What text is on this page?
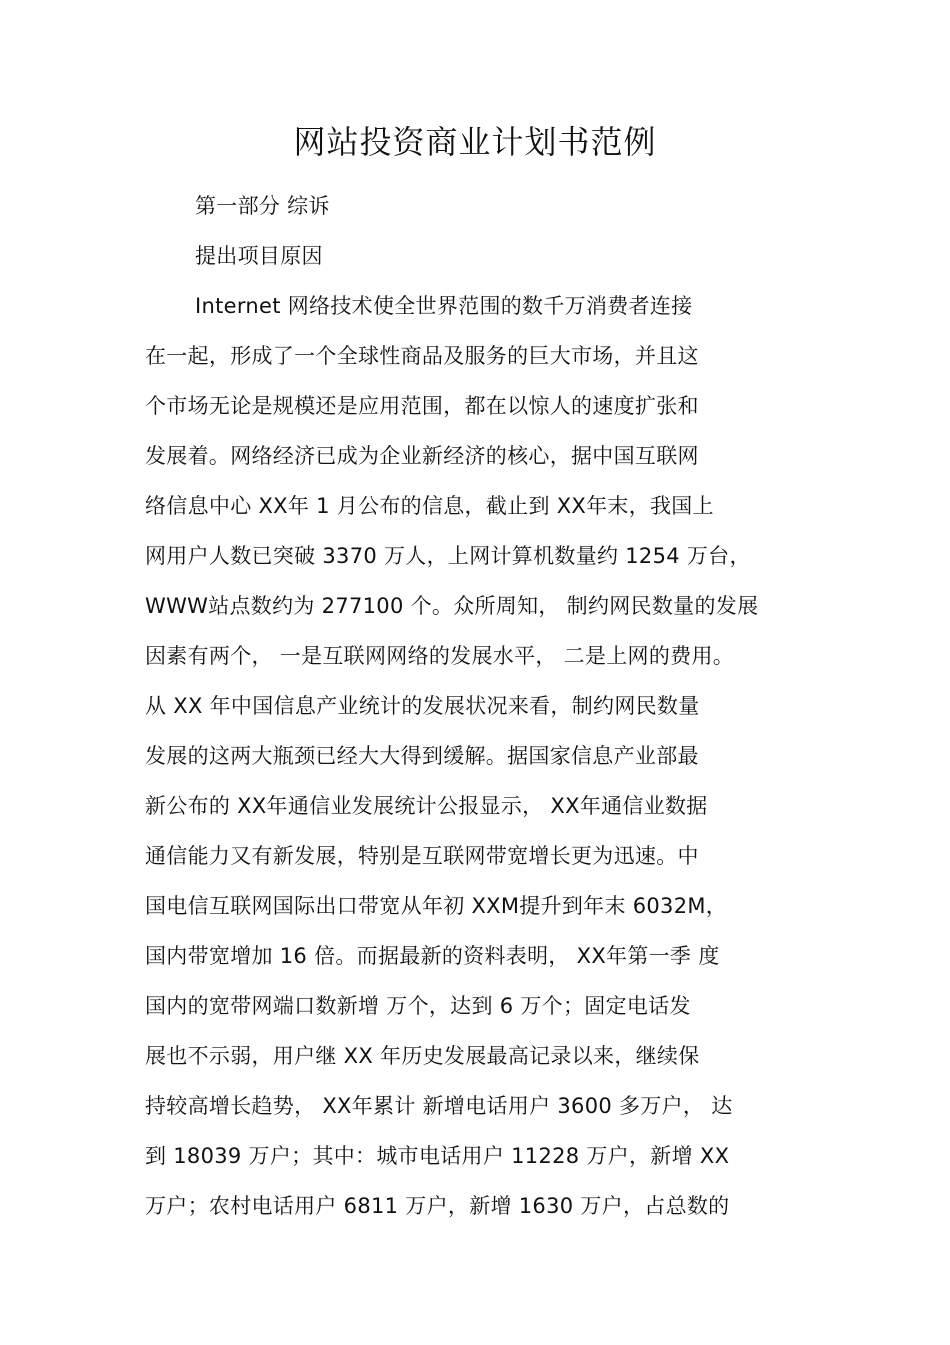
网站投资商业计划书范例
第一部分 综诉
提出项目原因
Internet 网络技术使全世界范围的数千万消费者连接
在一起，形成了一个全球性商品及服务的巨大市场，并且这
个市场无论是规模还是应用范围，都在以惊人的速度扩张和
发展着。网络经济已成为企业新经济的核心，据中国互联网
络信息中心 XX年 1 月公布的信息，截止到 XX年末，我国上
网用户人数已突破 3370 万人，上网计算机数量约 1254 万台，
WWW站点数约为 277100 个。众所周知， 制约网民数量的发展
因素有两个， 一是互联网网络的发展水平， 二是上网的费用。
从 XX 年中国信息产业统计的发展状况来看，制约网民数量
发展的这两大瓶颈已经大大得到缓解。据国家信息产业部最
新公布的 XX年通信业发展统计公报显示， XX年通信业数据
通信能力又有新发展，特别是互联网带宽增长更为迅速。中
国电信互联网国际出口带宽从年初 XXM提升到年末 6032M，
国内带宽增加 16 倍。而据最新的资料表明， XX年第一季 度
国内的宽带网端口数新增 万个，达到 6 万个；固定电话发
展也不示弱，用户继 XX 年历史发展最高记录以来，继续保
持较高增长趋势， XX年累计 新增电话用户 3600 多万户， 达
到 18039 万户；其中：城市电话用户 11228 万户，新增 XX
万户；农村电话用户 6811 万户，新增 1630 万户，占总数的
